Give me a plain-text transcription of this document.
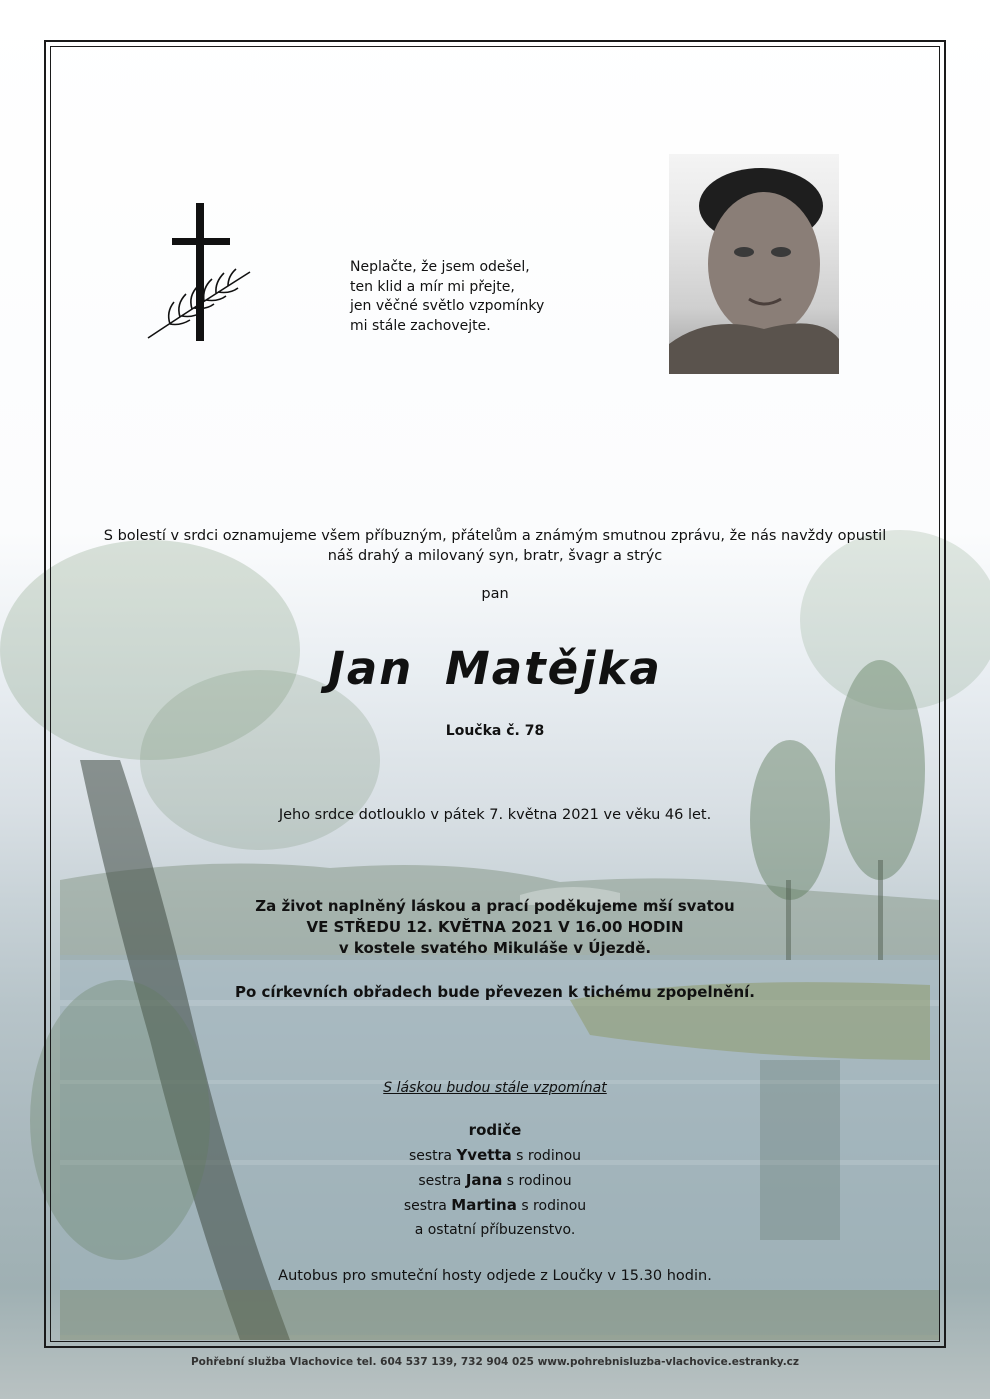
Neplačte, že jsem odešel,
ten klid a mír mi přejte,
jen věčné světlo vzpomínky
mi stále zachovejte.
S bolestí v srdci oznamujeme všem příbuzným, přátelům a známým smutnou zprávu, že nás navždy opustil
náš drahý a milovaný syn, bratr, švagr a strýc
pan
Jan Matějka
Loučka č. 78
Jeho srdce dotlouklo v pátek 7. května 2021 ve věku 46 let.
Za život naplněný láskou a prací poděkujeme mší svatou
VE STŘEDU 12. KVĚTNA 2021 V 16.00 HODIN
v kostele svatého Mikuláše v Újezdě.
Po církevních obřadech bude převezen k tichému zpopelnění.
S láskou budou stále vzpomínat
rodiče
sestra Yvetta s rodinou
sestra Jana s rodinou
sestra Martina s rodinou
a ostatní příbuzenstvo.
Autobus pro smuteční hosty odjede z Loučky v 15.30 hodin.
Pohřební služba Vlachovice tel. 604 537 139, 732 904 025 www.pohrebnisluzba-vlachovice.estranky.cz
